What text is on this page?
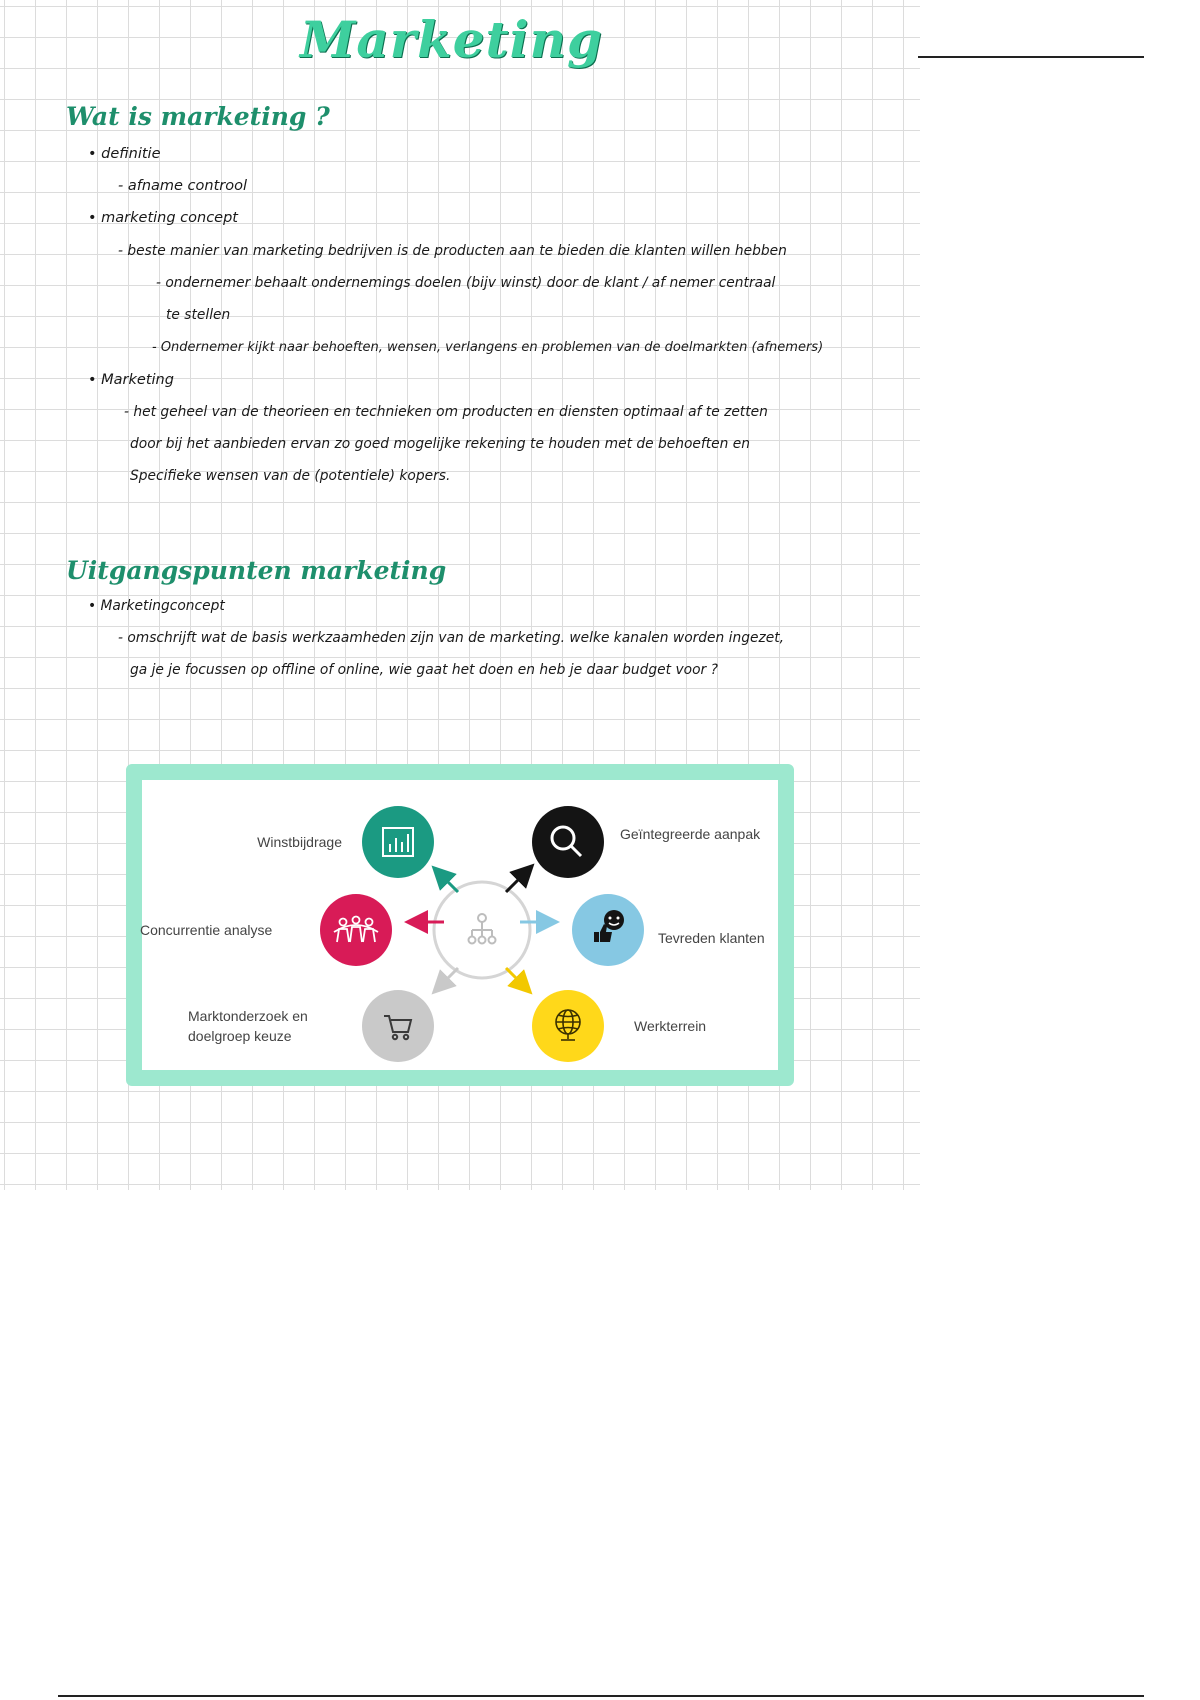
Marketing
Wat is marketing ?

• definitie

- afname controol

• marketing concept

- beste manier van marketing bedrijven is de producten aan te bieden die klanten willen hebben

- ondernemer behaalt ondernemings doelen (bijv winst) door de klant / af nemer centraal

te stellen

- Ondernemer kijkt naar behoeften, wensen, verlangens en problemen van de doelmarkten (afnemers)

• Marketing

- het geheel van de theorieen en technieken om producten en diensten optimaal af te zetten

door bij het aanbieden ervan zo goed mogelijke rekening te houden met de behoeften en

Specifieke wensen van de (potentiele) kopers.

Uitgangspunten marketing

• Marketingconcept

- omschrijft wat de basis werkzaamheden zijn van de marketing. welke kanalen worden ingezet,

ga je je focussen op offline of online, wie gaat het doen en heb je daar budget voor ?

Winstbijdrage	Geïntegreerde aanpak
Concurrentie analyse	Tevreden klanten
Marktonderzoek en
doelgroep keuze
Werkterrein
